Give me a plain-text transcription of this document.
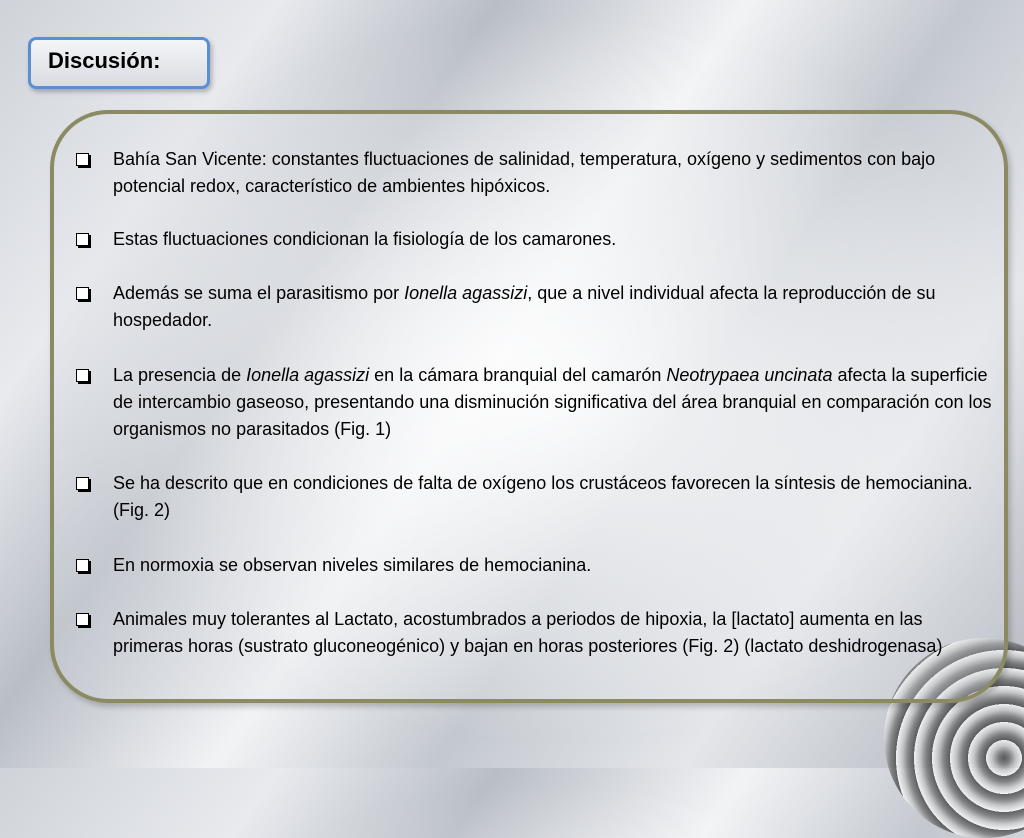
Discusión:
Bahía San Vicente: constantes fluctuaciones de salinidad, temperatura, oxígeno y sedimentos con bajo potencial redox, característico de ambientes hipóxicos.
Estas fluctuaciones condicionan la fisiología de los camarones.
Además se suma el parasitismo por Ionella agassizi, que a nivel individual afecta la reproducción de su hospedador.
La presencia de Ionella agassizi en la cámara branquial del camarón Neotrypaea uncinata afecta la superficie de intercambio gaseoso, presentando una disminución significativa del área branquial en comparación con los organismos no parasitados (Fig. 1)
Se ha descrito que en condiciones de falta de oxígeno los crustáceos favorecen la síntesis de hemocianina. (Fig. 2)
En normoxia se observan niveles similares de hemocianina.
Animales muy tolerantes al Lactato, acostumbrados a periodos de hipoxia, la [lactato] aumenta en las primeras horas (sustrato gluconeogénico) y bajan en horas posteriores (Fig. 2) (lactato deshidrogenasa)
